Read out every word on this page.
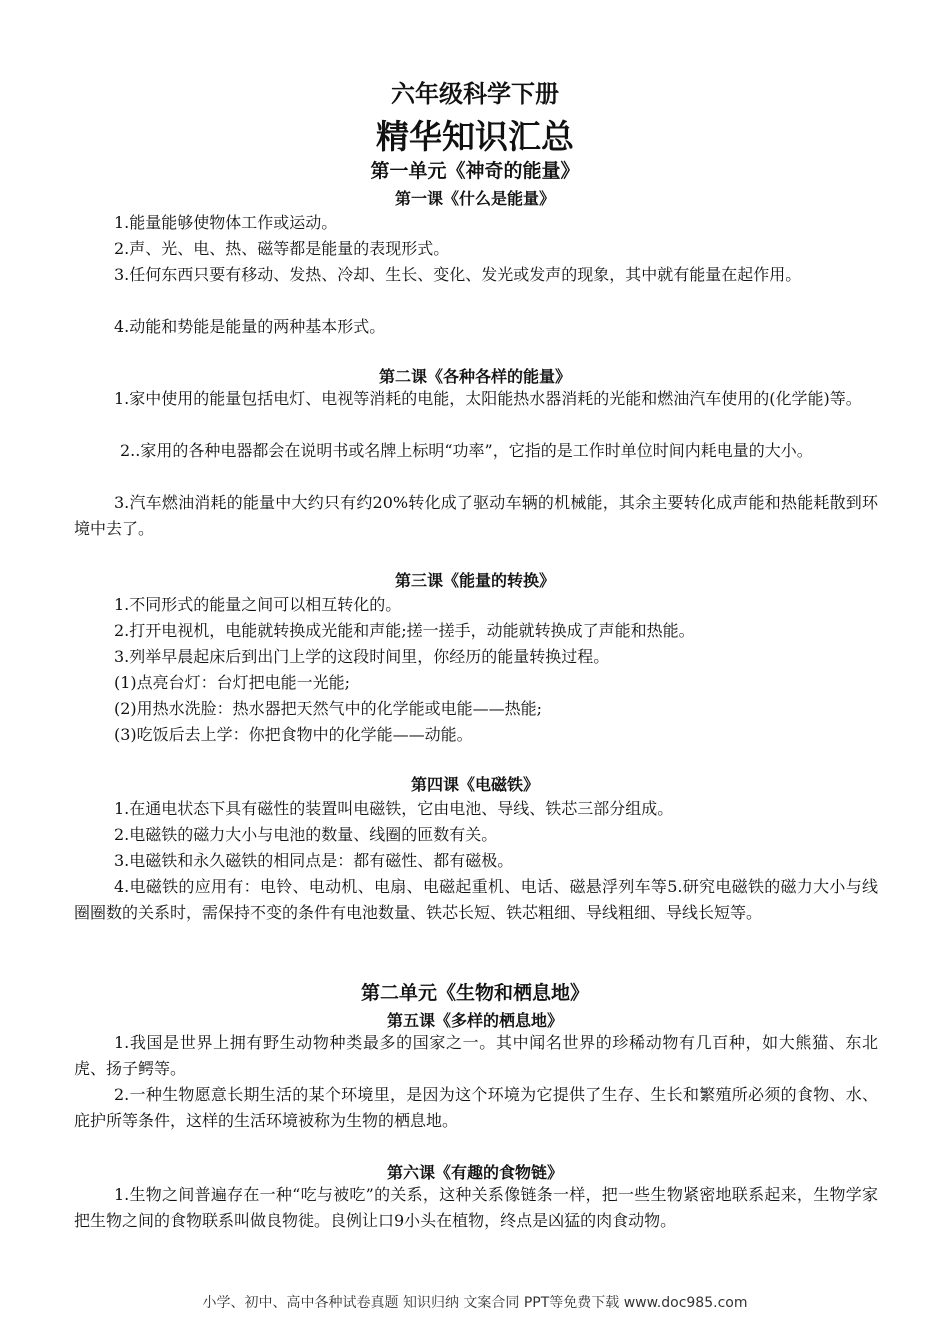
六年级科学下册
精华知识汇总
第一单元《神奇的能量》
第一课《什么是能量》
1.能量能够使物体工作或运动。
2.声、光、电、热、磁等都是能量的表现形式。
3.任何东西只要有移动、发热、冷却、生长、变化、发光或发声的现象，其中就有能量在起作用。
4.动能和势能是能量的两种基本形式。
第二课《各种各样的能量》
1.家中使用的能量包括电灯、电视等消耗的电能，太阳能热水器消耗的光能和燃油汽车使用的(化学能)等。
2..家用的各种电器都会在说明书或名牌上标明“功率”，它指的是工作时单位时间内耗电量的大小。
3.汽车燃油消耗的能量中大约只有约20%转化成了驱动车辆的机械能，其余主要转化成声能和热能耗散到环境中去了。
第三课《能量的转换》
1.不同形式的能量之间可以相互转化的。
2.打开电视机，电能就转换成光能和声能;搓一搓手，动能就转换成了声能和热能。
3.列举早晨起床后到出门上学的这段时间里，你经历的能量转换过程。
(1)点亮台灯：台灯把电能一光能;
(2)用热水洗脸：热水器把天然气中的化学能或电能——热能;
(3)吃饭后去上学：你把食物中的化学能——动能。
第四课《电磁铁》
1.在通电状态下具有磁性的装置叫电磁铁，它由电池、导线、铁芯三部分组成。
2.电磁铁的磁力大小与电池的数量、线圈的匝数有关。
3.电磁铁和永久磁铁的相同点是：都有磁性、都有磁极。
4.电磁铁的应用有：电铃、电动机、电扇、电磁起重机、电话、磁悬浮列车等5.研究电磁铁的磁力大小与线圈圈数的关系时，需保持不变的条件有电池数量、铁芯长短、铁芯粗细、导线粗细、导线长短等。
第二单元《生物和栖息地》
第五课《多样的栖息地》
1.我国是世界上拥有野生动物种类最多的国家之一。其中闻名世界的珍稀动物有几百种，如大熊猫、东北虎、扬子鳄等。
2.一种生物愿意长期生活的某个环境里，是因为这个环境为它提供了生存、生长和繁殖所必须的食物、水、庇护所等条件，这样的生活环境被称为生物的栖息地。
第六课《有趣的食物链》
1.生物之间普遍存在一种“吃与被吃”的关系，这种关系像链条一样，把一些生物紧密地联系起来，生物学家把生物之间的食物联系叫做良物徙。良例让口9小头在植物，终点是凶猛的肉食动物。
小学、初中、高中各种试卷真题 知识归纳 文案合同 PPT等免费下载 www.doc985.com
